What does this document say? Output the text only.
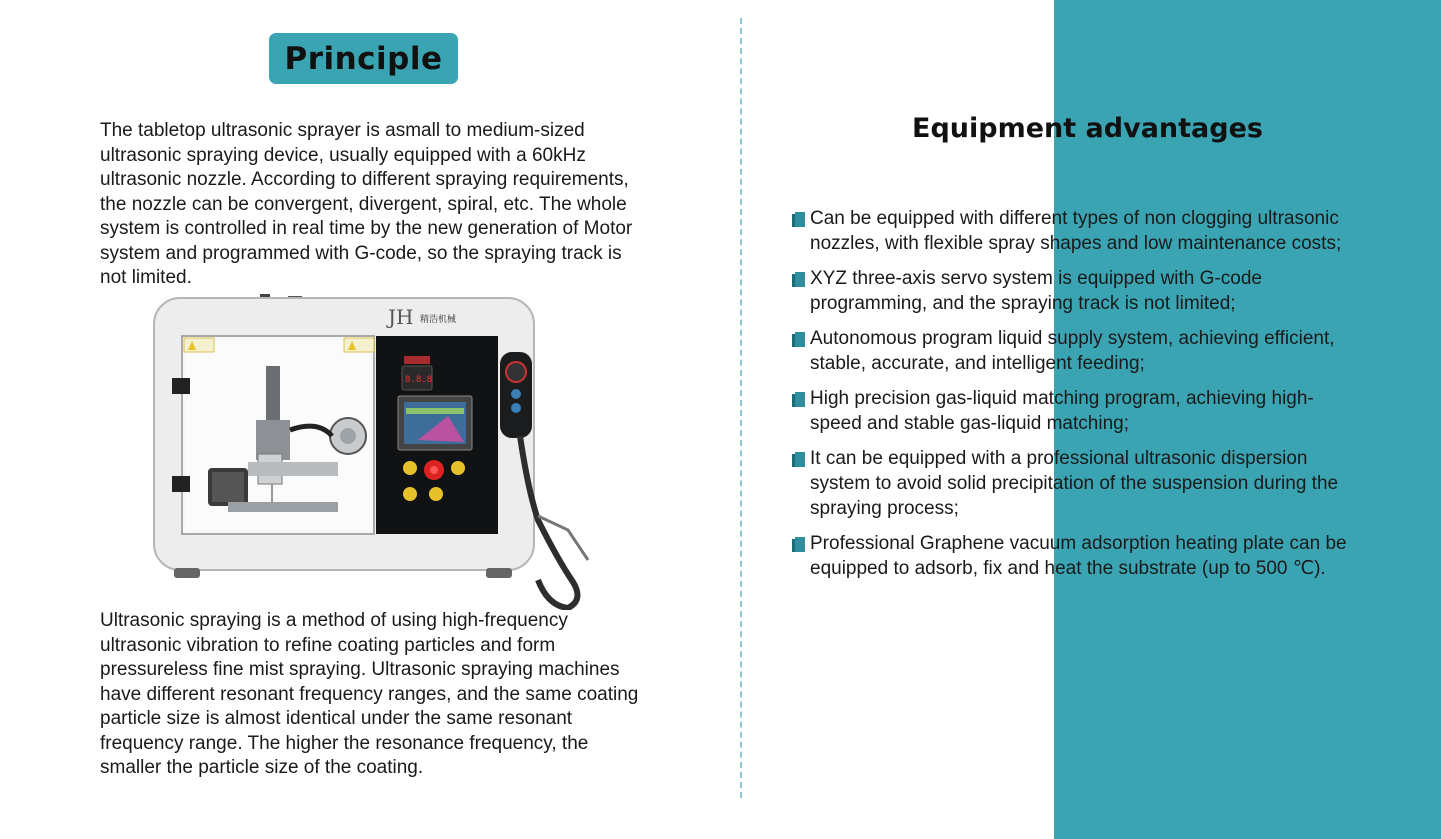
Principle
The tabletop ultrasonic sprayer is asmall to medium-sized ultrasonic spraying device, usually equipped with a 60kHz ultrasonic nozzle. According to different spraying requirements, the nozzle can be convergent, divergent, spiral, etc. The whole system is controlled in real time by the new generation of Motor system and programmed with G-code, so the spraying track is not limited.
JH 精浩机械
8.8.8
Ultrasonic spraying is a method of using high-frequency ultrasonic vibration to refine coating particles and form pressureless fine mist spraying. Ultrasonic spraying machines have different resonant frequency ranges, and the same coating particle size is almost identical under the same resonant frequency range. The higher the resonance frequency, the smaller the particle size of the coating.
Equipment advantages
Can be equipped with different types of non clogging ultrasonic nozzles, with flexible spray shapes and low maintenance costs;
XYZ three-axis servo system is equipped with G-code programming, and the spraying track is not limited;
Autonomous program liquid supply system, achieving efficient, stable, accurate, and intelligent feeding;
High precision gas-liquid matching program, achieving high-speed and stable gas-liquid matching;
It can be equipped with a professional ultrasonic dispersion system to avoid solid precipitation of the suspension during the spraying process;
Professional Graphene vacuum adsorption heating plate can be equipped to adsorb, fix and heat the substrate (up to 500 ℃).
